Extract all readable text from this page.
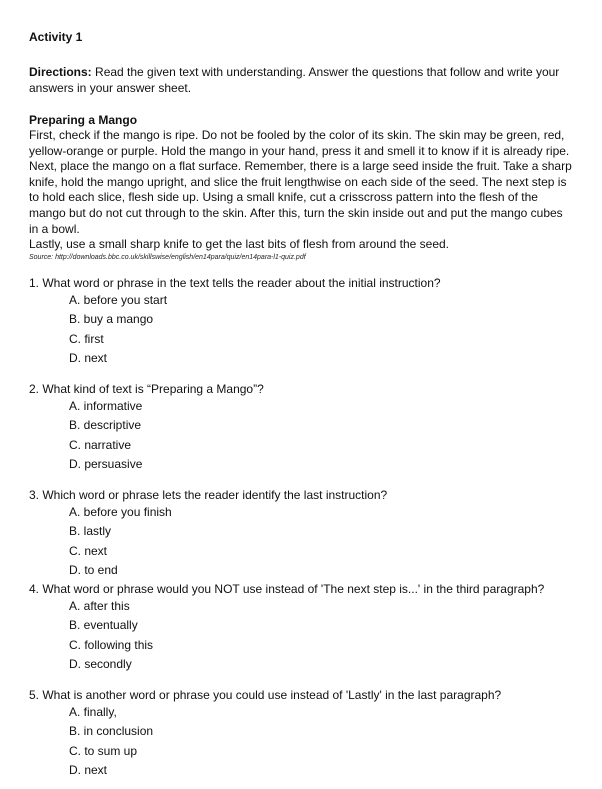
Activity 1

Directions: Read the given text with understanding. Answer the questions that follow and write your answers in your answer sheet.

Preparing a Mango

First, check if the mango is ripe. Do not be fooled by the color of its skin. The skin may be green, red, yellow-orange or purple. Hold the mango in your hand, press it and smell it to know if it is already ripe. Next, place the mango on a flat surface. Remember, there is a large seed inside the fruit. Take a sharp knife, hold the mango upright, and slice the fruit lengthwise on each side of the seed. The next step is to hold each slice, flesh side up. Using a small knife, cut a crisscross pattern into the flesh of the mango but do not cut through to the skin. After this, turn the skin inside out and put the mango cubes in a bowl.

Lastly, use a small sharp knife to get the last bits of flesh from around the seed.

Source: http://downloads.bbc.co.uk/skillswise/english/en14para/quiz/en14para-l1-quiz.pdf

1. What word or phrase in the text tells the reader about the initial instruction?

A. before you start
B. buy a mango
C. first
D. next

2. What kind of text is “Preparing a Mango”?

A. informative
B. descriptive
C. narrative
D. persuasive

3. Which word or phrase lets the reader identify the last instruction?

A. before you finish
B. lastly
C. next
D. to end

4. What word or phrase would you NOT use instead of 'The next step is...' in the third paragraph?

A. after this
B. eventually
C. following this
D. secondly

5. What is another word or phrase you could use instead of 'Lastly' in the last paragraph?

A. finally,
B. in conclusion
C. to sum up
D. next
